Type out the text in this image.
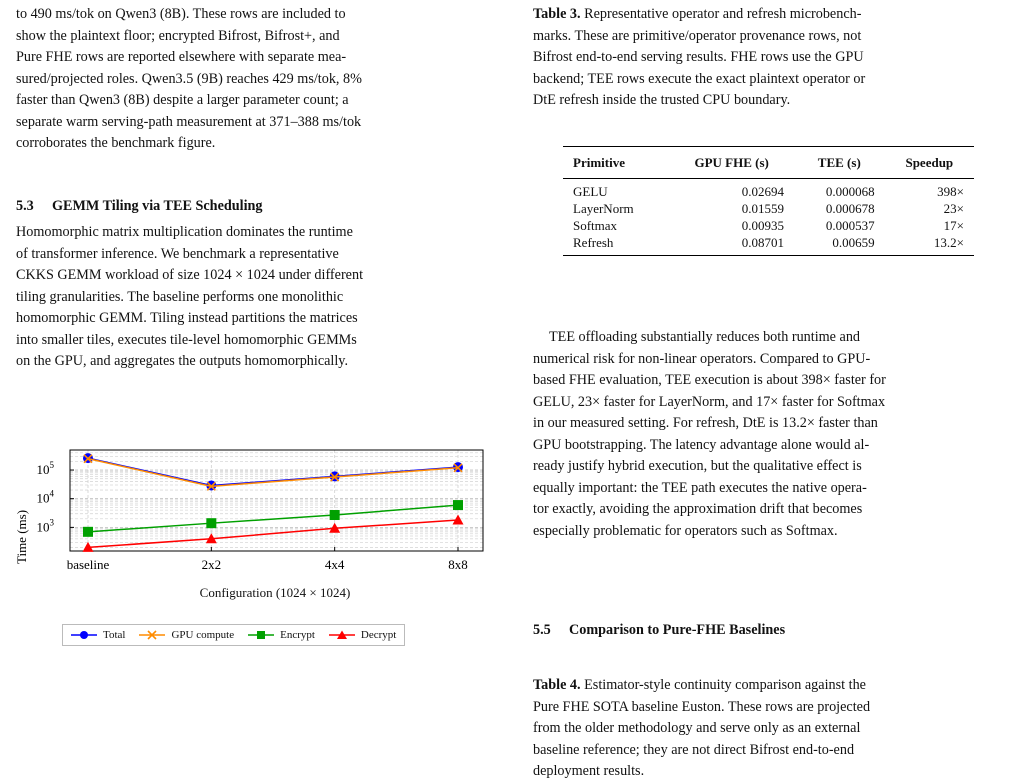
to 490 ms/tok on Qwen3 (8B). These rows are included to
show the plaintext floor; encrypted Bifrost, Bifrost+, and
Pure FHE rows are reported elsewhere with separate mea-
sured/projected roles. Qwen3.5 (9B) reaches 429 ms/tok, 8%
faster than Qwen3 (8B) despite a larger parameter count; a
separate warm serving-path measurement at 371–388 ms/tok
corroborates the benchmark figure.
5.3 GEMM Tiling via TEE Scheduling
Homomorphic matrix multiplication dominates the runtime
of transformer inference. We benchmark a representative
CKKS GEMM workload of size 1024 × 1024 under different
tiling granularities. The baseline performs one monolithic
homomorphic GEMM. Tiling instead partitions the matrices
into smaller tiles, executes tile-level homomorphic GEMMs
on the GPU, and aggregates the outputs homomorphically.
$10^3$
$10^4$
$10^5$
baseline	2x2	4x4	8x8
Time (ms)
Configuration (1024 × 1024)
Total	GPU compute	Encrypt	Decrypt
Table 3. Representative operator and refresh microbench-
marks. These are primitive/operator provenance rows, not
Bifrost end-to-end serving results. FHE rows use the GPU
backend; TEE rows execute the exact plaintext operator or
DtE refresh inside the trusted CPU boundary.
Primitive	GPU FHE (s)	TEE (s)	Speedup
GELU	0.02694	0.000068	398×
LayerNorm	0.01559	0.000678	23×
Softmax	0.00935	0.000537	17×
Refresh	0.08701	0.00659	13.2×
TEE offloading substantially reduces both runtime and
numerical risk for non-linear operators. Compared to GPU-
based FHE evaluation, TEE execution is about 398× faster for
GELU, 23× faster for LayerNorm, and 17× faster for Softmax
in our measured setting. For refresh, DtE is 13.2× faster than
GPU bootstrapping. The latency advantage alone would al-
ready justify hybrid execution, but the qualitative effect is
equally important: the TEE path executes the native opera-
tor exactly, avoiding the approximation drift that becomes
especially problematic for operators such as Softmax.
5.5 Comparison to Pure-FHE Baselines
Table 4. Estimator-style continuity comparison against the
Pure FHE SOTA baseline Euston. These rows are projected
from the older methodology and serve only as an external
baseline reference; they are not direct Bifrost end-to-end
deployment results.
